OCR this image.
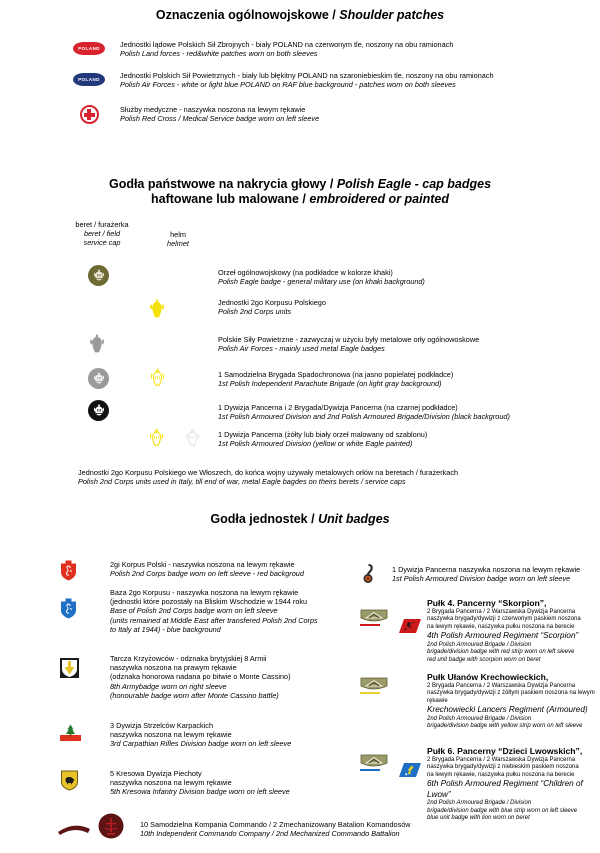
Oznaczenia ogólnowojskowe / Shoulder patches
POLAND	Jednostki lądowe Polskich Sił Zbrojnych - biały POLAND na czerwonym tle, noszony na obu ramionach
Polish Land forces - red&white patches worn on both sleeves
POLAND	Jednostki Polskich Sił Powietrznych - biały lub błękitny POLAND na szaroniebieskim tle, noszony na obu ramionach
Polish Air Forces - white or light blue POLAND on RAF blue background - patches worn on both sleeves
Służby medyczne - naszywka noszona na lewym rękawie
Polish Red Cross / Medical Service badge worn on left sleeve
Godła państwowe na nakrycia głowy / Polish Eagle - cap badges
haftowane lub malowane / embroidered or painted
beret / furażerka
beret / field
service cap
helm
helmet
Orzeł ogólnowojskowy (na podkładce w kolorze khaki)
Polish Eagle badge - general military use (on khaki background)
Jednostki 2go Korpusu Polskiego
Polish 2nd Corps units
Polskie Siły Powietrzne - zazwyczaj w użyciu były metalowe orły ogólnowoskowe
Polish Air Forces - mainly used metal Eagle badges
1 Samodzielna Brygada Spadochronowa (na jasno popielatej podkładce)
1st Polish Independent Parachute Brigade (on light gray background)
1 Dywizja Pancerna i 2 Brygada/Dywizja Pancerna (na czarnej podkładce)
1st Polish Armoured Division and 2nd Polish Armoured Brigade/Division (black backgroud)
1 Dywizja Pancerna (żółty lub biały orzeł malowany od szablonu)
1st Polish Armoured Division (yellow or white Eagle painted)
Jednostki 2go Korpusu Polskiego we Włoszech, do końca wojny używały metalowych orłów na beretach / furażerkach
Polish 2nd Corps units used in Italy, till end of war, metal Eagle bagdes on theirs berets / service caps
Godła jednostek / Unit badges
2gi Korpus Polski - naszywka noszona na lewym rękawie
Polish 2nd Corps badge worn on left sleeve - red backgroud
Baza 2go Korpusu - naszywka noszona na lewym rękawie
(jednostki które pozostały na Bliskim Wschodzie w 1944 roku
Base of Polish 2nd Corps badge worn on left sleeve
(units remained at Middle East after transfered Polish 2nd Corps
to Italy at 1944) - blue background
Tarcza Krzyżowców - odznaka brytyjskiej 8 Armii
naszywka noszona na prawym rękawie
(odznaka honorowa nadana po bitwie o Monte Cassino)
8th Armybadge worn on right sleeve
(honourable badge worn after Monte Cassino battle)
3 Dywizja Strzelców Karpackich
naszywka noszona na lewym rękawie
3rd Carpathian Rifles Division badge worn on left sleeve
5 Kresowa Dywizja Piechoty
naszywka noszona na lewym rękawie
5th Kresowa Infantry Division badge worn on left sleeve
1 Dywizja Pancerna naszywka noszona na lewym rękawie
1st Polish Armoured Division badge worn on left sleeve
Pułk 4. Pancerny “Skorpion”,
2 Brygada Pancerna / 2 Warszawska Dywizja Pancerna
naszywka brygady/dywizji z czerwonym paskiem noszona
na lewym rękawie, naszywka pułku noszona na berecie
4th Polish Armoured Regiment “Scorpion”
2nd Polish Armoured Brigade / Division
brigade/division badge with red strip worn on left sleeve
red unit badge with scorpion worn on beret
Pułk Ułanów Krechowieckich,
2 Brygada Pancerna / 2 Warszawska Dywizja Pancerna
naszywka brygady/dywizji z żółtym paskiem noszona na lewym rękawie
Krechowiecki Lancers Regiment (Armoured)
2nd Polish Armoured Brigade / Division
brigade/division badge with yellow strip worn on left sleeve
Pułk 6. Pancerny “Dzieci Lwowskich”,
2 Brygada Pancerna / 2 Warszawska Dywizja Pancerna
naszywka brygady/dywizji z niebieskim paskiem noszona
na lewym rękawie, naszywka pułku noszona na berecie
6th Polish Armoured Regiment “Children of Lwow”
2nd Polish Armoured Brigade / Division
brigade/division badge with blue strip worn on left sleeve
blue unit badge with lion worn on beret
10 Samodzielna Kompania Commando / 2 Zmechanizowany Batalion Komandosów
10th Independent Commando Company / 2nd Mechanized Commando Battalion
